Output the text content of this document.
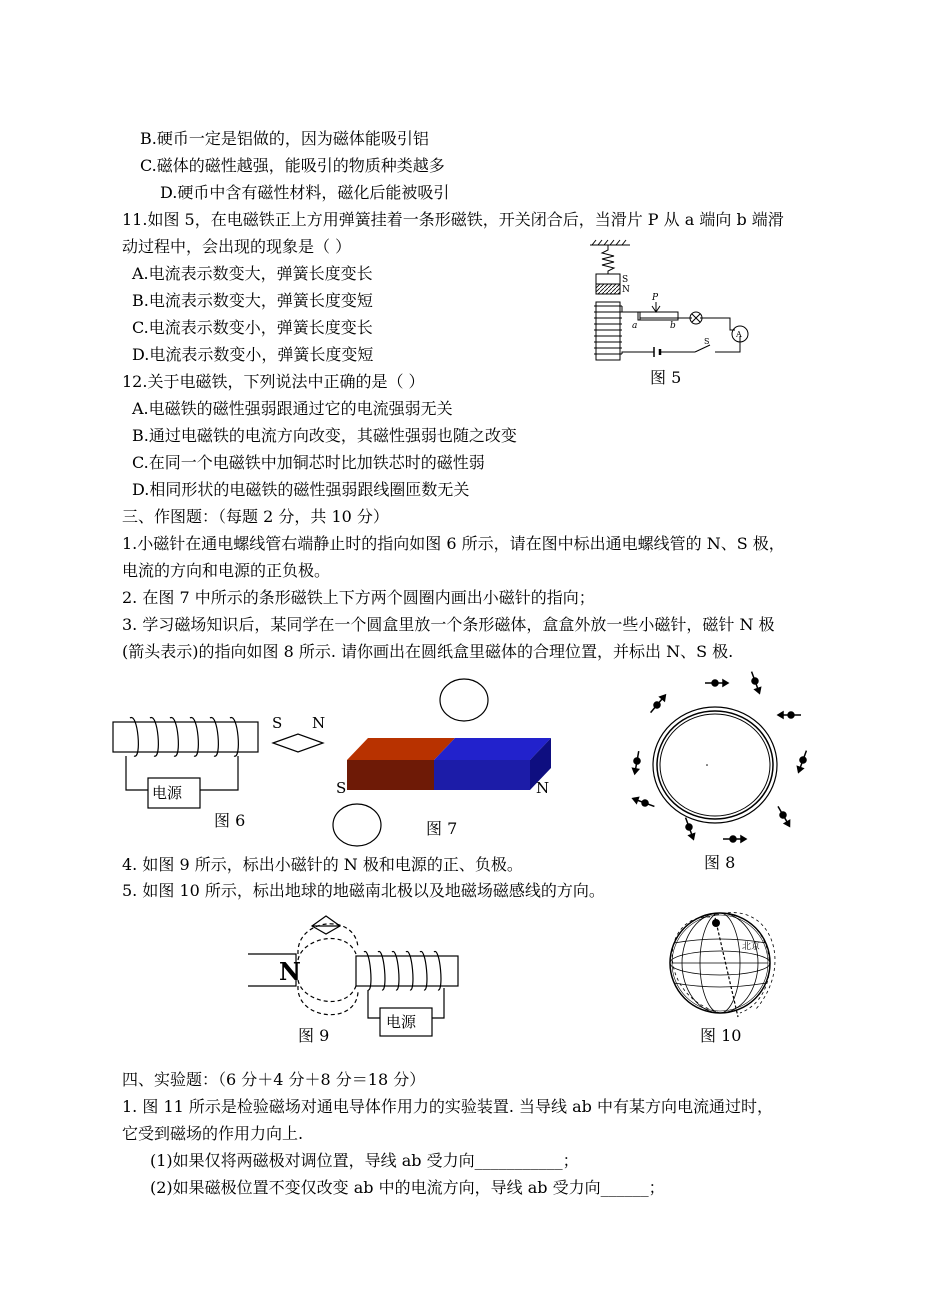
B.硬币一定是铝做的，因为磁体能吸引铝
C.磁体的磁性越强，能吸引的物质种类越多
D.硬币中含有磁性材料，磁化后能被吸引
11.如图 5，在电磁铁正上方用弹簧挂着一条形磁铁，开关闭合后，当滑片 P 从 a 端向 b 端滑
动过程中，会出现的现象是（ ）
A.电流表示数变大，弹簧长度变长
B.电流表示数变大，弹簧长度变短
C.电流表示数变小，弹簧长度变长
D.电流表示数变小，弹簧长度变短
S
N
P
a	b
A
S
图 5
12.关于电磁铁，下列说法中正确的是（ ）
A.电磁铁的磁性强弱跟通过它的电流强弱无关
B.通过电磁铁的电流方向改变，其磁性强弱也随之改变
C.在同一个电磁铁中加铜芯时比加铁芯时的磁性弱
D.相同形状的电磁铁的磁性强弱跟线圈匝数无关
三、作图题：（每题 2 分，共 10 分）
1.小磁针在通电螺线管右端静止时的指向如图 6 所示，请在图中标出通电螺线管的 N、S 极，
电流的方向和电源的正负极。
2. 在图 7 中所示的条形磁铁上下方两个圆圈内画出小磁针的指向；
3. 学习磁场知识后，某同学在一个圆盒里放一个条形磁体，盒盒外放一些小磁针，磁针 N 极
(箭头表示)的指向如图 8 所示. 请你画出在圆纸盒里磁体的合理位置，并标出 N、S 极.
电源
S N
图 6
S	N
图 7
图 8
4. 如图 9 所示，标出小磁针的 N 极和电源的正、负极。
5. 如图 10 所示，标出地球的地磁南北极以及地磁场磁感线的方向。
N
电源
图 9
北京
图 10
四、实验题：（6 分＋4 分＋8 分＝18 分）
1. 图 11 所示是检验磁场对通电导体作用力的实验装置. 当导线 ab 中有某方向电流通过时，
它受到磁场的作用力向上.
(1)如果仅将两磁极对调位置，导线 ab 受力向___________；
(2)如果磁极位置不变仅改变 ab 中的电流方向，导线 ab 受力向______；
